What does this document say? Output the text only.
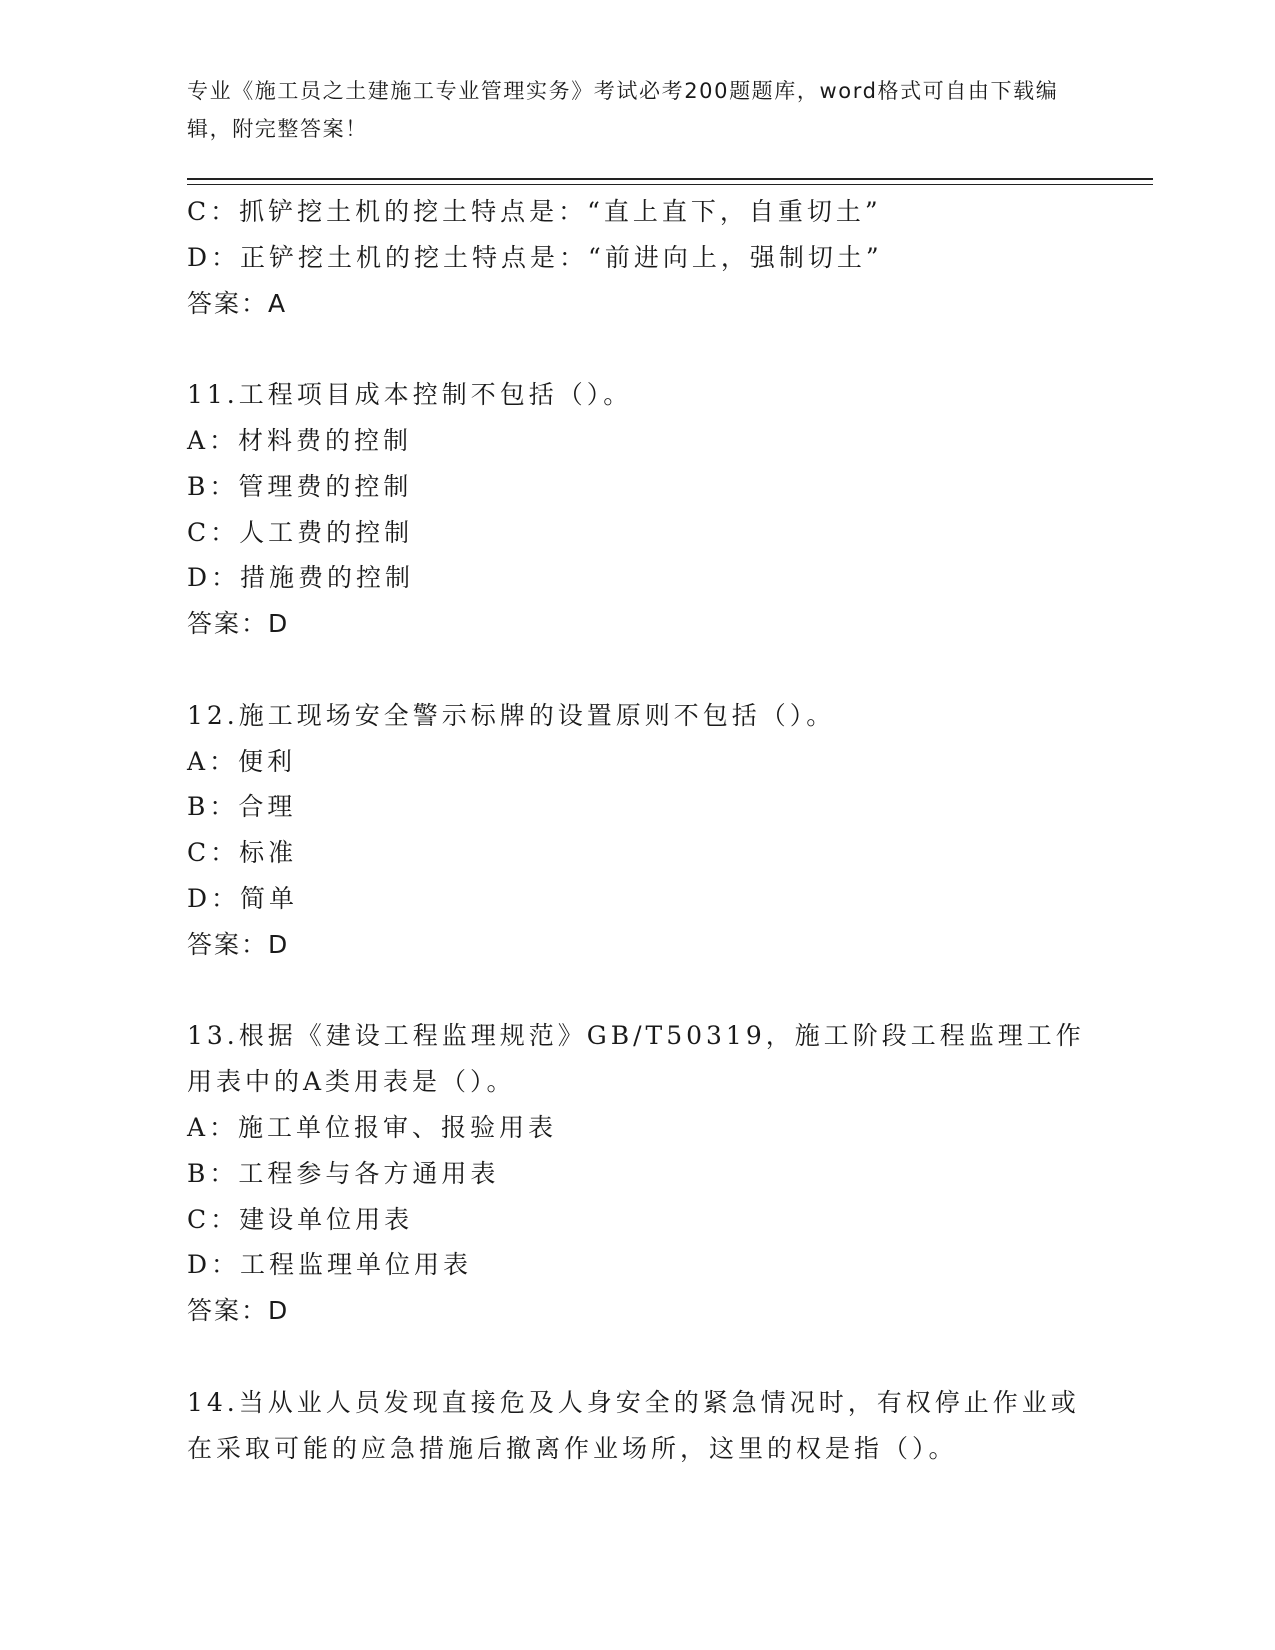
专业《施工员之土建施工专业管理实务》考试必考200题题库，word格式可自由下载编辑，附完整答案！
C：抓铲挖土机的挖土特点是：“直上直下，自重切土”
D：正铲挖土机的挖土特点是：“前进向上，强制切土”
答案：A
11.工程项目成本控制不包括（）。
A：材料费的控制
B：管理费的控制
C：人工费的控制
D：措施费的控制
答案：D
12.施工现场安全警示标牌的设置原则不包括（）。
A：便利
B：合理
C：标准
D：简单
答案：D
13.根据《建设工程监理规范》GB/T50319，施工阶段工程监理工作用表中的A类用表是（）。
A：施工单位报审、报验用表
B：工程参与各方通用表
C：建设单位用表
D：工程监理单位用表
答案：D
14.当从业人员发现直接危及人身安全的紧急情况时，有权停止作业或在采取可能的应急措施后撤离作业场所，这里的权是指（）。
